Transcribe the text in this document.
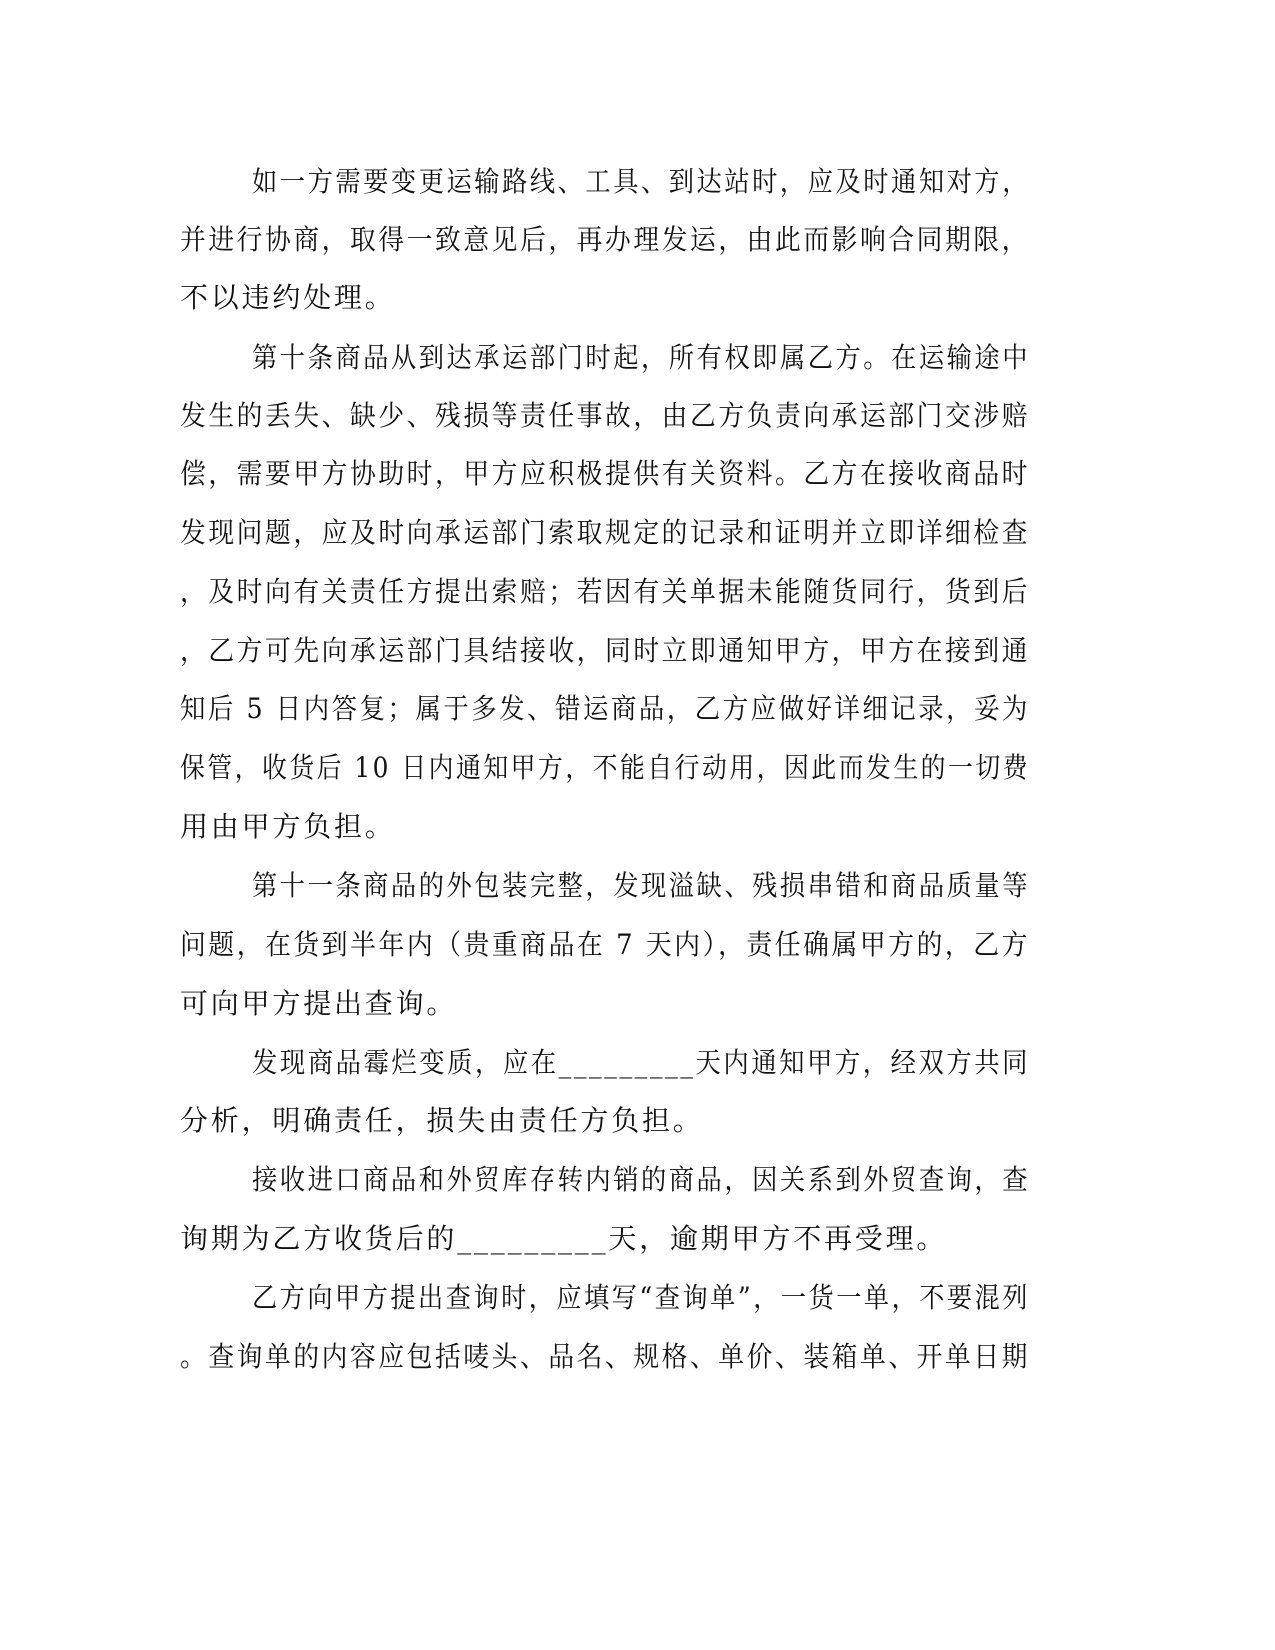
如一方需要变更运输路线、工具、到达站时，应及时通知对方，
并进行协商，取得一致意见后，再办理发运，由此而影响合同期限，
不以违约处理。
第十条商品从到达承运部门时起，所有权即属乙方。在运输途中
发生的丢失、缺少、残损等责任事故，由乙方负责向承运部门交涉赔
偿，需要甲方协助时，甲方应积极提供有关资料。乙方在接收商品时
发现问题，应及时向承运部门索取规定的记录和证明并立即详细检查
，及时向有关责任方提出索赔；若因有关单据未能随货同行，货到后
，乙方可先向承运部门具结接收，同时立即通知甲方，甲方在接到通
知后 5 日内答复；属于多发、错运商品，乙方应做好详细记录，妥为
保管，收货后 10 日内通知甲方，不能自行动用，因此而发生的一切费
用由甲方负担。
第十一条商品的外包装完整，发现溢缺、残损串错和商品质量等
问题，在货到半年内（贵重商品在 7 天内），责任确属甲方的，乙方
可向甲方提出查询。
发现商品霉烂变质，应在_________天内通知甲方，经双方共同
分析，明确责任，损失由责任方负担。
接收进口商品和外贸库存转内销的商品，因关系到外贸查询，查
询期为乙方收货后的_________天，逾期甲方不再受理。
乙方向甲方提出查询时，应填写“查询单”，一货一单，不要混列
。查询单的内容应包括唛头、品名、规格、单价、装箱单、开单日期
